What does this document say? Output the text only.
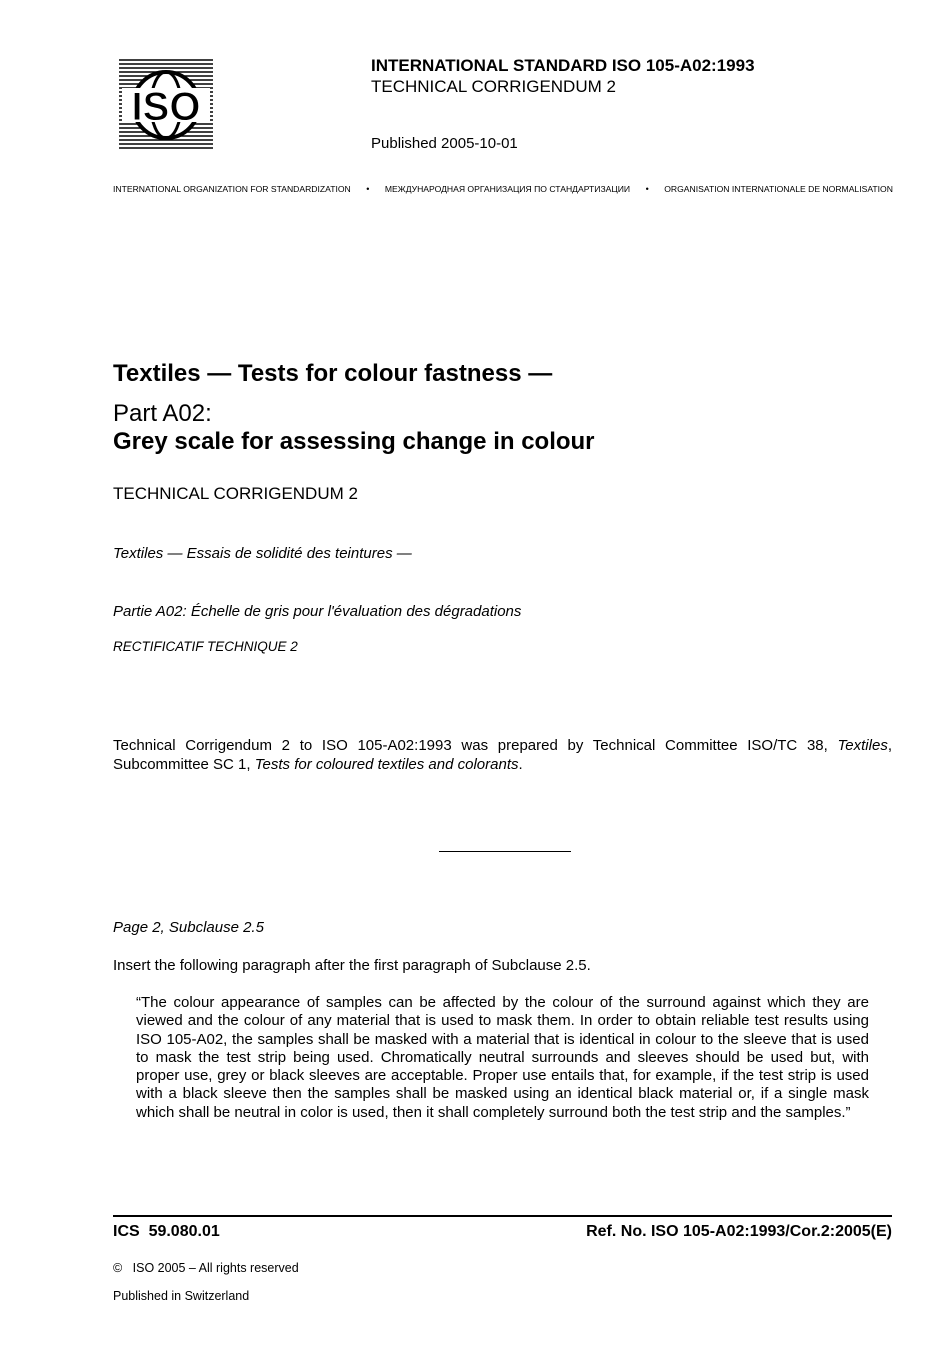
ISO
INTERNATIONAL STANDARD ISO 105-A02:1993
TECHNICAL CORRIGENDUM 2
Published 2005-10-01
INTERNATIONAL ORGANIZATION FOR STANDARDIZATION • МЕЖДУНАРОДНАЯ ОРГАНИЗАЦИЯ ПО СТАНДАРТИЗАЦИИ • ORGANISATION INTERNATIONALE DE NORMALISATION
Textiles — Tests for colour fastness —
Part A02:
Grey scale for assessing change in colour
TECHNICAL CORRIGENDUM 2
Textiles — Essais de solidité des teintures —
Partie A02: Échelle de gris pour l'évaluation des dégradations
RECTIFICATIF TECHNIQUE 2
Technical Corrigendum 2 to ISO 105-A02:1993 was prepared by Technical Committee ISO/TC 38, Textiles, Subcommittee SC 1, Tests for coloured textiles and colorants.
Page 2, Subclause 2.5
Insert the following paragraph after the first paragraph of Subclause 2.5.
“The colour appearance of samples can be affected by the colour of the surround against which they are viewed and the colour of any material that is used to mask them. In order to obtain reliable test results using ISO 105-A02, the samples shall be masked with a material that is identical in colour to the sleeve that is used to mask the test strip being used. Chromatically neutral surrounds and sleeves should be used but, with proper use, grey or black sleeves are acceptable. Proper use entails that, for example, if the test strip is used with a black sleeve then the samples shall be masked using an identical black material or, if a single mask which shall be neutral in color is used, then it shall completely surround both the test strip and the samples.”
ICS  59.080.01	Ref. No. ISO 105-A02:1993/Cor.2:2005(E)
©   ISO 2005 – All rights reserved
Published in Switzerland
